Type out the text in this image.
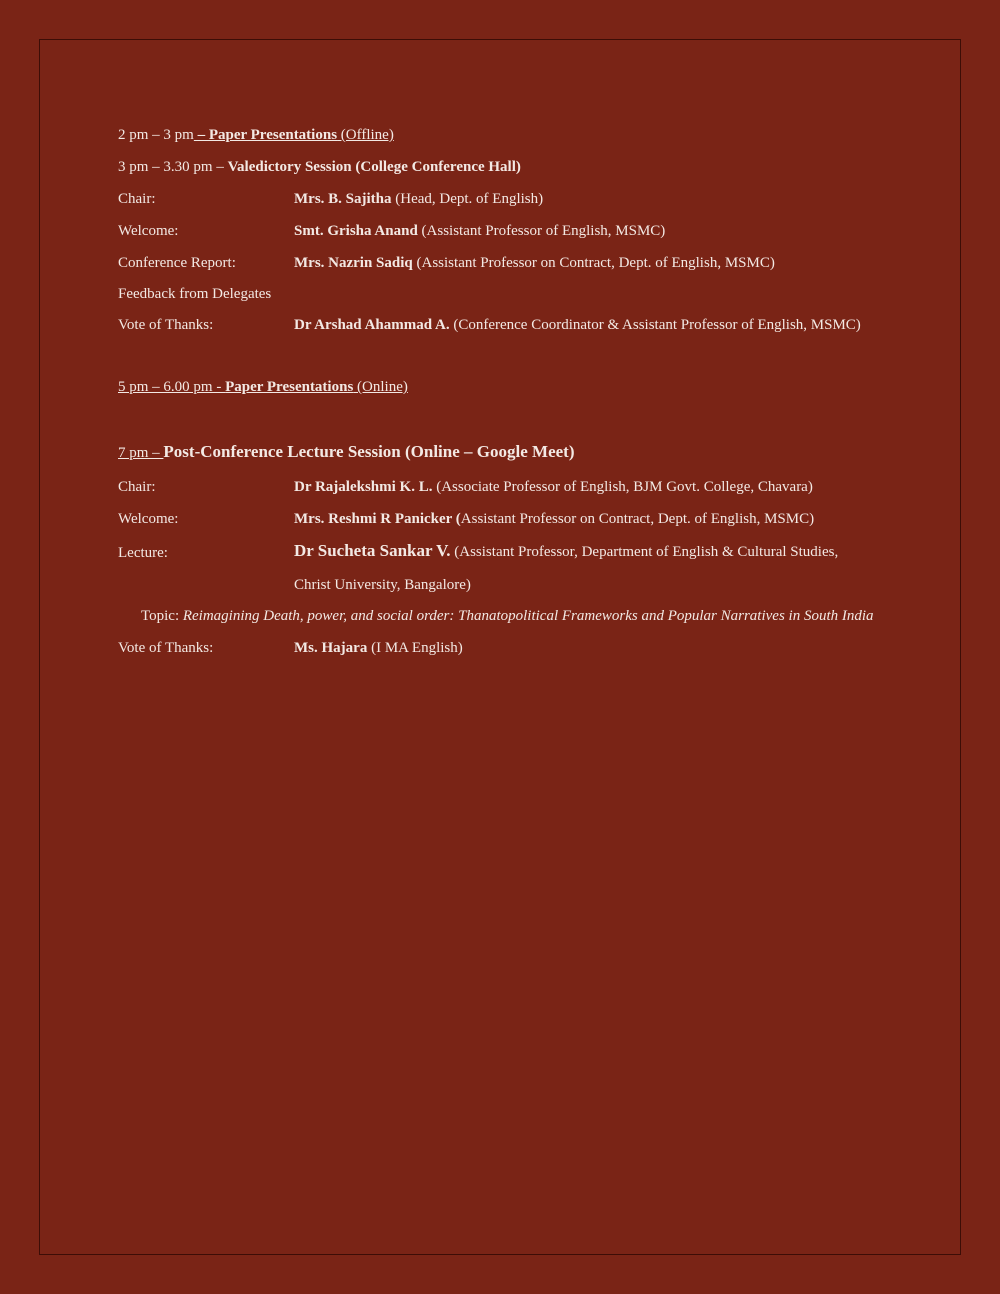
2 pm – 3 pm – Paper Presentations (Offline)
3 pm – 3.30 pm – Valedictory Session (College Conference Hall)
Chair:	Mrs. B. Sajitha (Head, Dept. of English)
Welcome:	Smt. Grisha Anand (Assistant Professor of English, MSMC)
Conference Report:	Mrs. Nazrin Sadiq (Assistant Professor on Contract, Dept. of English, MSMC)
Feedback from Delegates
Vote of Thanks:	Dr Arshad Ahammad A. (Conference Coordinator & Assistant Professor of English, MSMC)
5 pm – 6.00 pm - Paper Presentations (Online)
7 pm – Post-Conference Lecture Session (Online – Google Meet)
Chair:	Dr Rajalekshmi K. L. (Associate Professor of English, BJM Govt. College, Chavara)
Welcome:	Mrs. Reshmi R Panicker (Assistant Professor on Contract, Dept. of English, MSMC)
Lecture:	Dr Sucheta Sankar V. (Assistant Professor, Department of English & Cultural Studies,
Christ University, Bangalore)
Topic: Reimagining Death, power, and social order: Thanatopolitical Frameworks and Popular Narratives in South India
Vote of Thanks:	Ms. Hajara (I MA English)
